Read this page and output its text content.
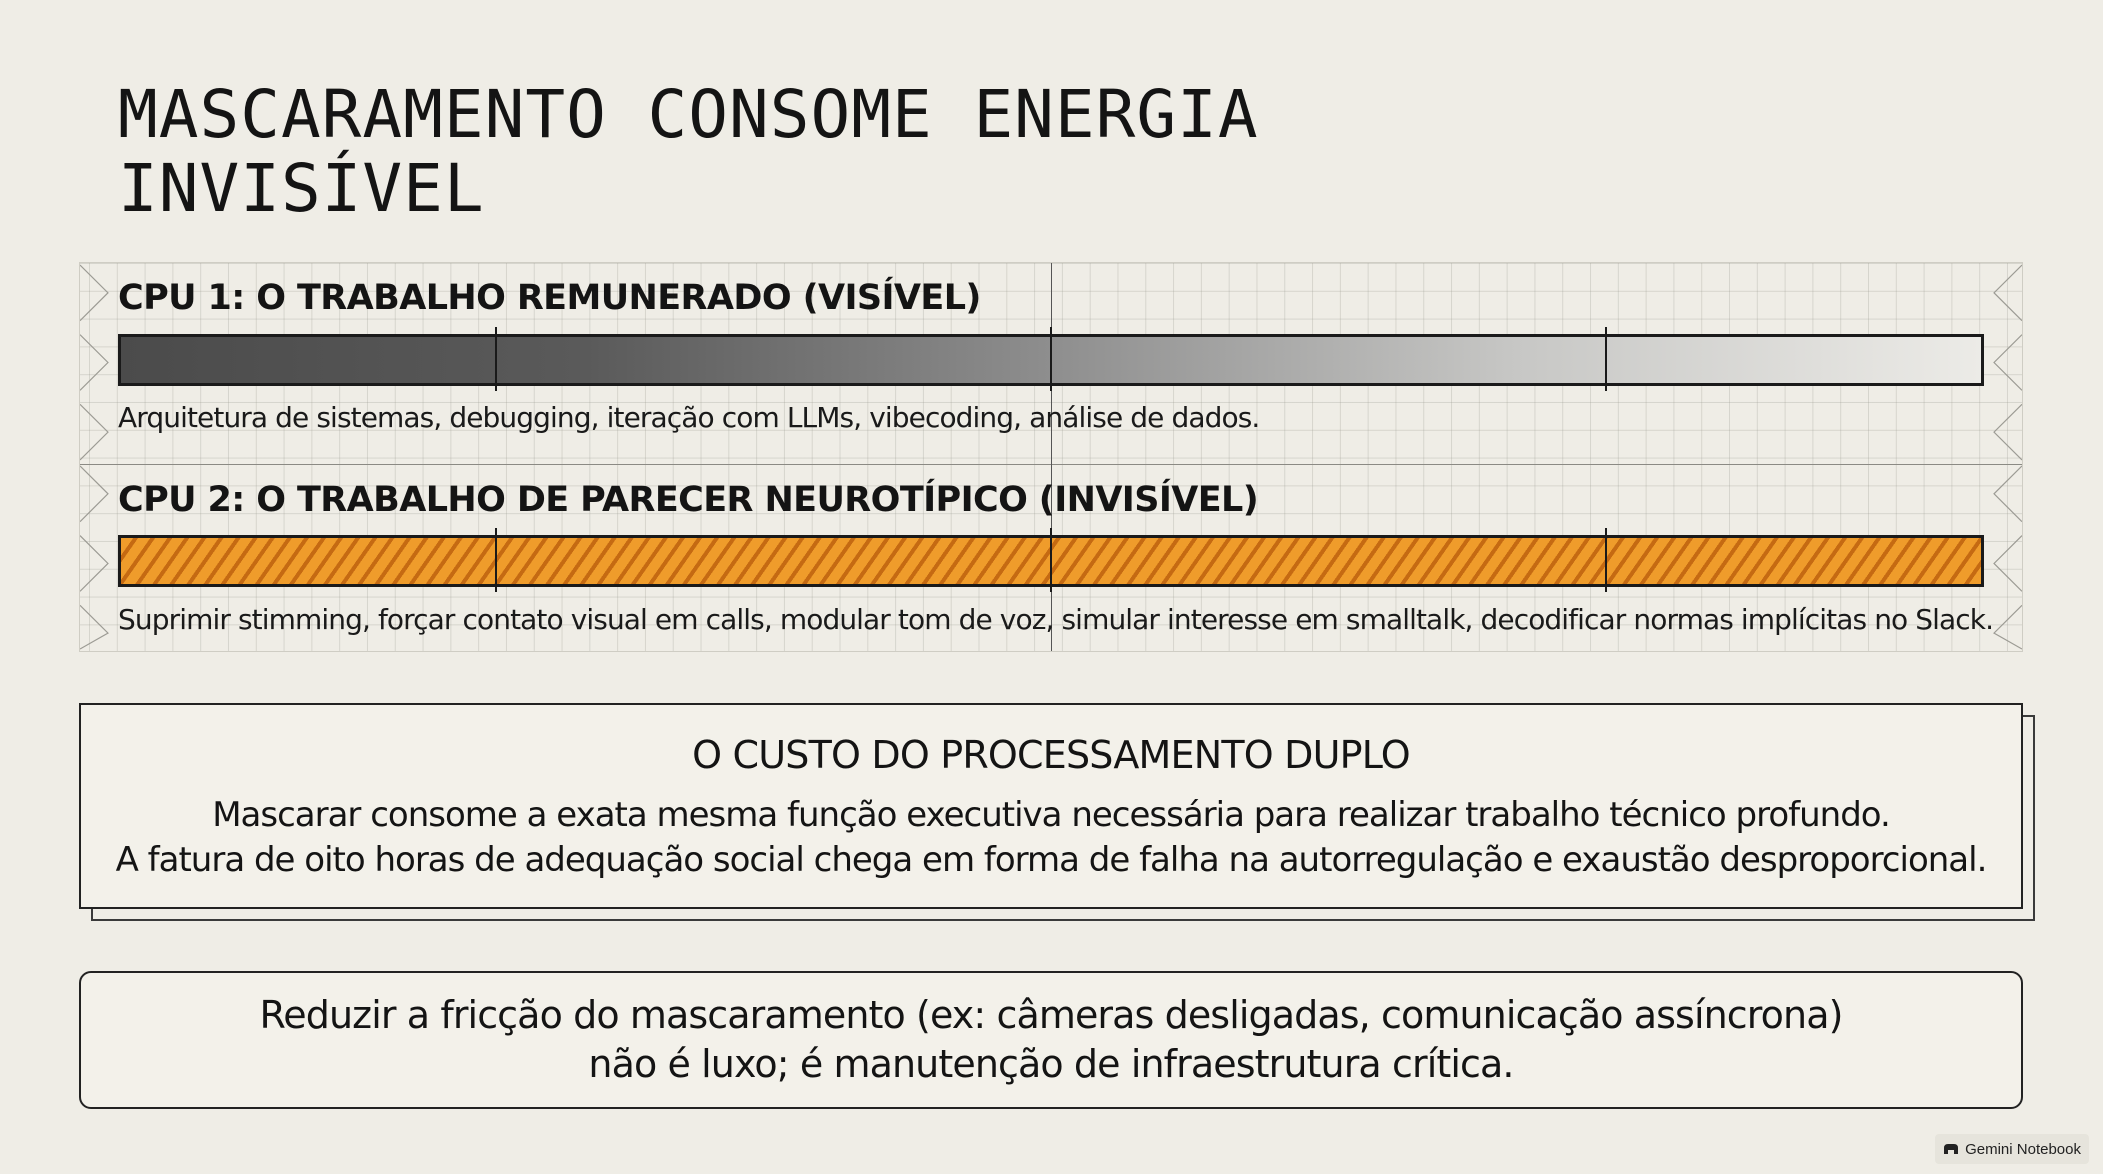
MASCARAMENTO CONSOME ENERGIA
INVISÍVEL
CPU 1: O TRABALHO REMUNERADO (VISÍVEL)

Arquitetura de sistemas, debugging, iteração com LLMs, vibecoding, análise de dados.

CPU 2: O TRABALHO DE PARECER NEUROTÍPICO (INVISÍVEL)

Suprimir stimming, forçar contato visual em calls, modular tom de voz, simular interesse em smalltalk, decodificar normas implícitas no Slack.

O CUSTO DO PROCESSAMENTO DUPLO

Mascarar consome a exata mesma função executiva necessária para realizar trabalho técnico profundo.

A fatura de oito horas de adequação social chega em forma de falha na autorregulação e exaustão desproporcional.

Reduzir a fricção do mascaramento (ex: câmeras desligadas, comunicação assíncrona)

não é luxo; é manutenção de infraestrutura crítica.

Gemini Notebook
